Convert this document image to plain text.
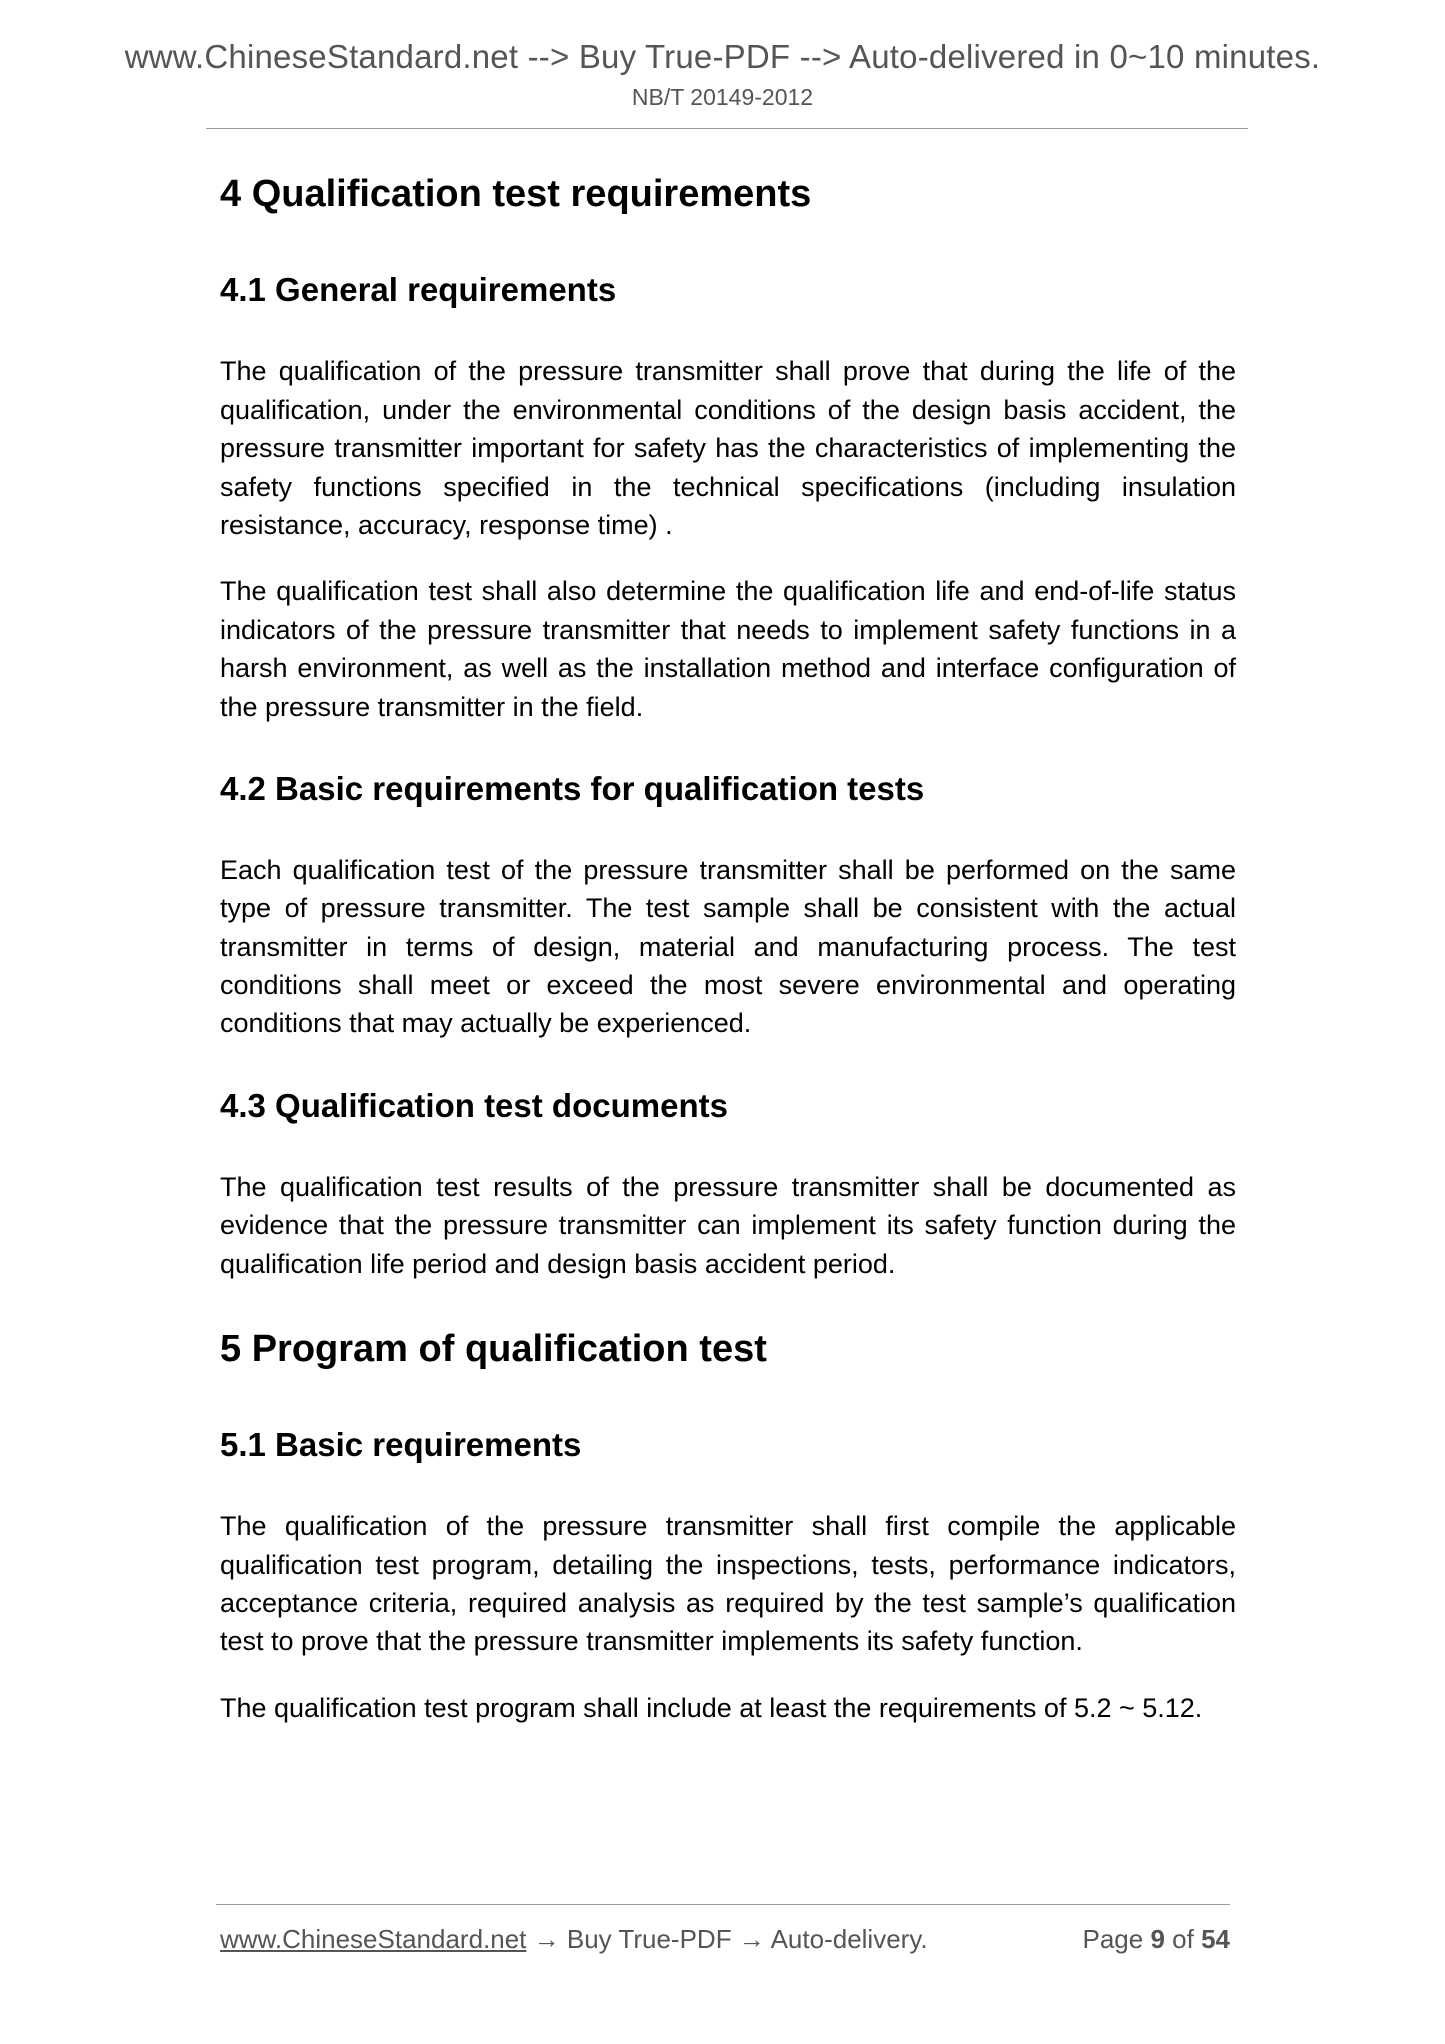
www.ChineseStandard.net --> Buy True-PDF --> Auto-delivered in 0~10 minutes.
NB/T 20149-2012
4 Qualification test requirements
4.1 General requirements

The qualification of the pressure transmitter shall prove that during the life of the qualification, under the environmental conditions of the design basis accident, the pressure transmitter important for safety has the characteristics of implementing the safety functions specified in the technical specifications (including insulation resistance, accuracy, response time) .

The qualification test shall also determine the qualification life and end-of-life status indicators of the pressure transmitter that needs to implement safety functions in a harsh environment, as well as the installation method and interface configuration of the pressure transmitter in the field.

4.2 Basic requirements for qualification tests

Each qualification test of the pressure transmitter shall be performed on the same type of pressure transmitter. The test sample shall be consistent with the actual transmitter in terms of design, material and manufacturing process. The test conditions shall meet or exceed the most severe environmental and operating conditions that may actually be experienced.

4.3 Qualification test documents

The qualification test results of the pressure transmitter shall be documented as evidence that the pressure transmitter can implement its safety function during the qualification life period and design basis accident period.

5 Program of qualification test
5.1 Basic requirements

The qualification of the pressure transmitter shall first compile the applicable qualification test program, detailing the inspections, tests, performance indicators, acceptance criteria, required analysis as required by the test sample’s qualification test to prove that the pressure transmitter implements its safety function.

The qualification test program shall include at least the requirements of 5.2 ~ 5.12.

www.ChineseStandard.net → Buy True-PDF → Auto-delivery.	Page 9 of 54
